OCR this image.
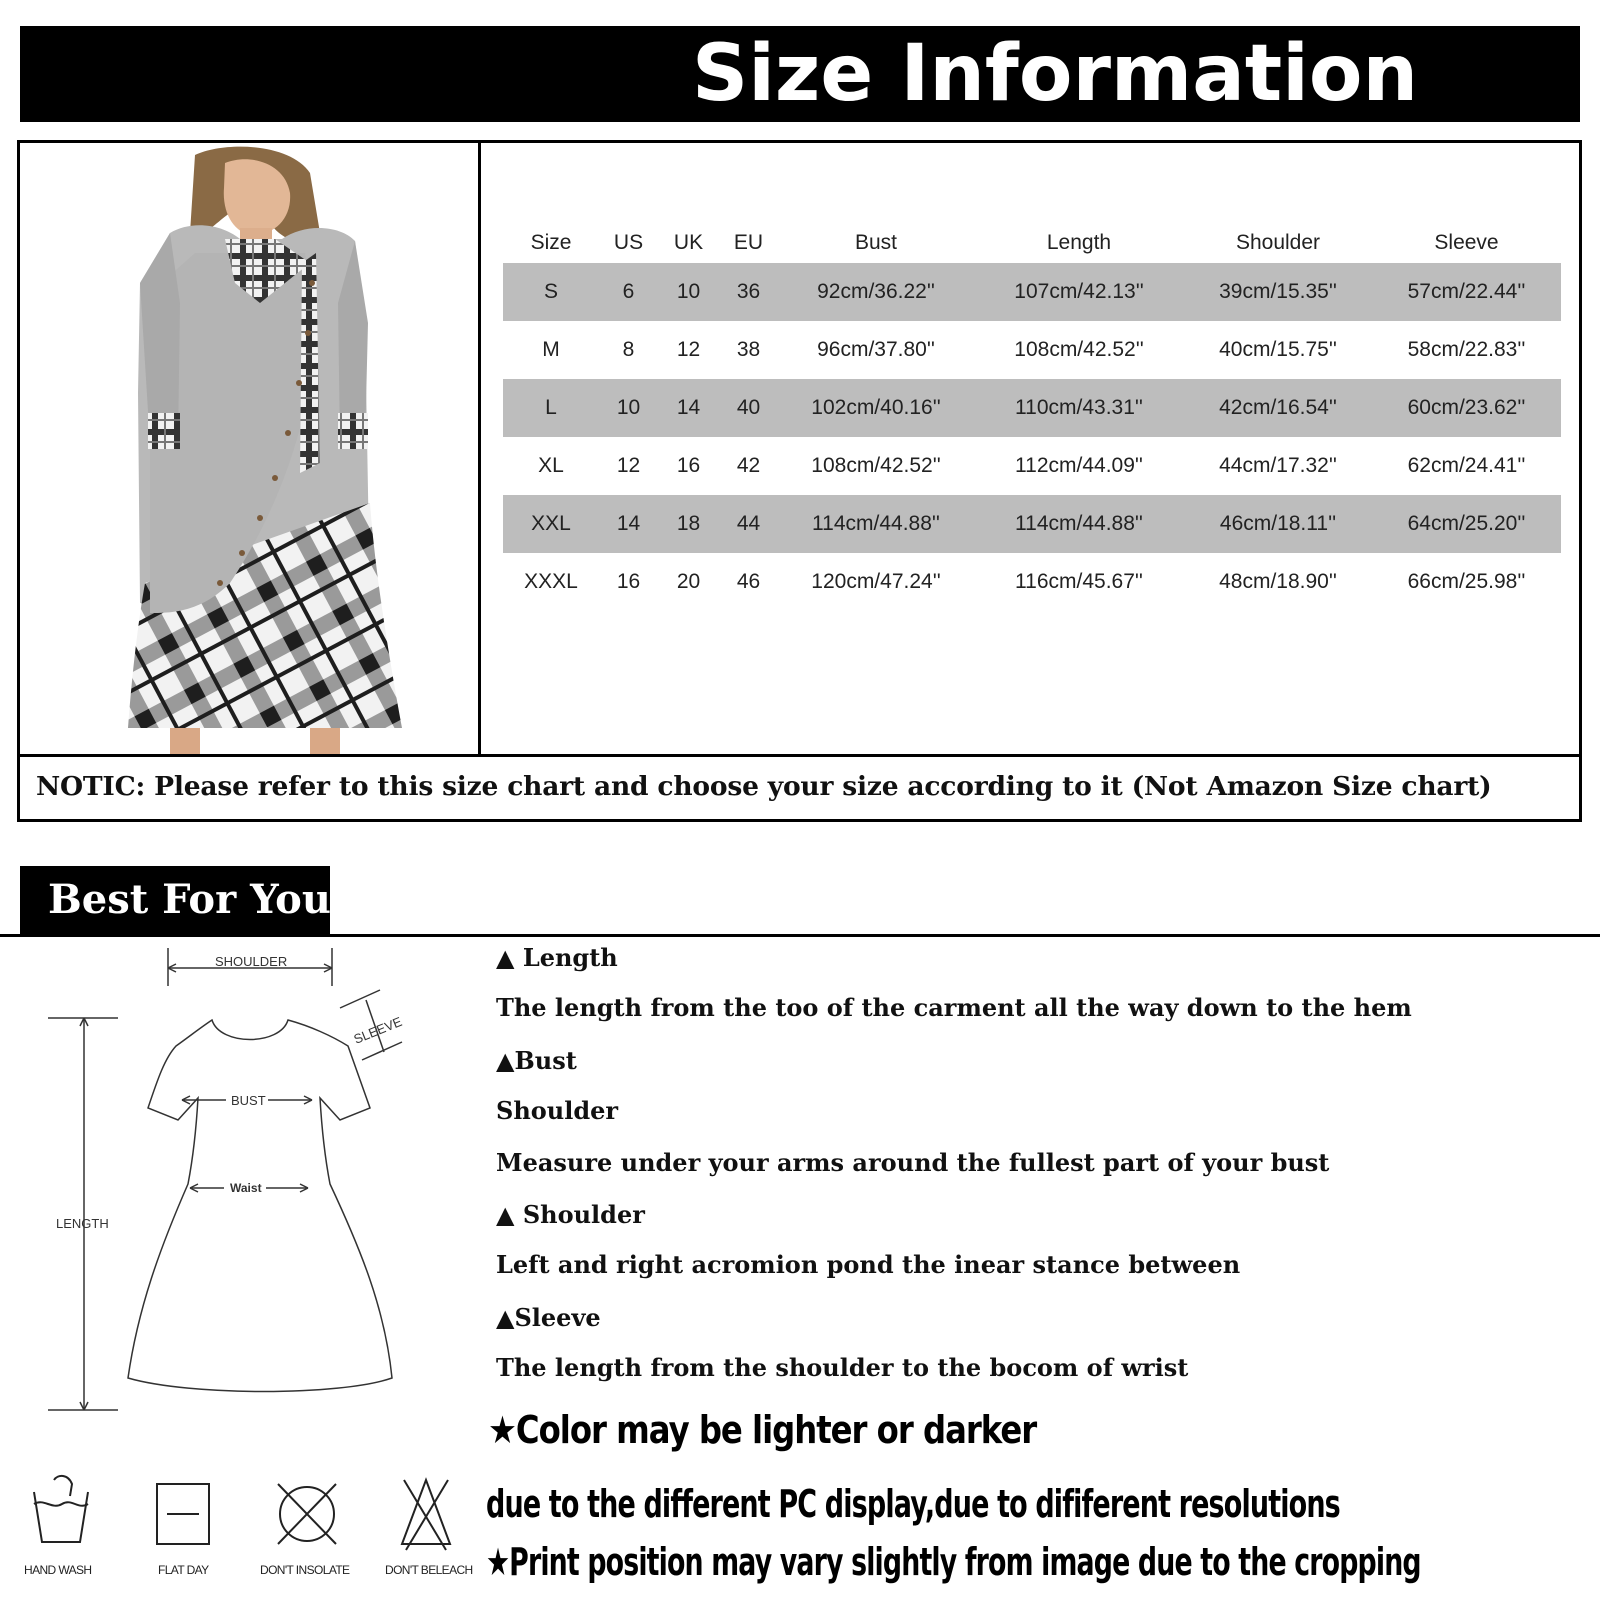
Size Information
NOTIC: Please refer to this size chart and choose your size according to it (Not Amazon Size chart)
Size	US	UK	EU	Bust	Length	Shoulder	Sleeve
S	6	10	36	92cm/36.22''	107cm/42.13''	39cm/15.35''	57cm/22.44''
M	8	12	38	96cm/37.80''	108cm/42.52''	40cm/15.75''	58cm/22.83''
L	10	14	40	102cm/40.16''	110cm/43.31''	42cm/16.54''	60cm/23.62''
XL	12	16	42	108cm/42.52''	112cm/44.09''	44cm/17.32''	62cm/24.41''
XXL	14	18	44	114cm/44.88''	114cm/44.88''	46cm/18.11''	64cm/25.20''
XXXL	16	20	46	120cm/47.24''	116cm/45.67''	48cm/18.90''	66cm/25.98''
Best For You
SHOULDER
SLEEVE
BUST
Waist
LENGTH
HAND WASH	FLAT DAY	DON'T INSOLATE	DON'T BELEACH
▲ Length
The length from the too of the carment all the way down to the hem
▲Bust
Shoulder
Measure under your arms around the fullest part of your bust
▲ Shoulder
Left and right acromion pond the inear stance between
▲Sleeve
The length from the shoulder to the bocom of wrist
★Color may be lighter or darker
due to the different PC display,due to dififerent resolutions
★Print position may vary slightly from image due to the cropping
